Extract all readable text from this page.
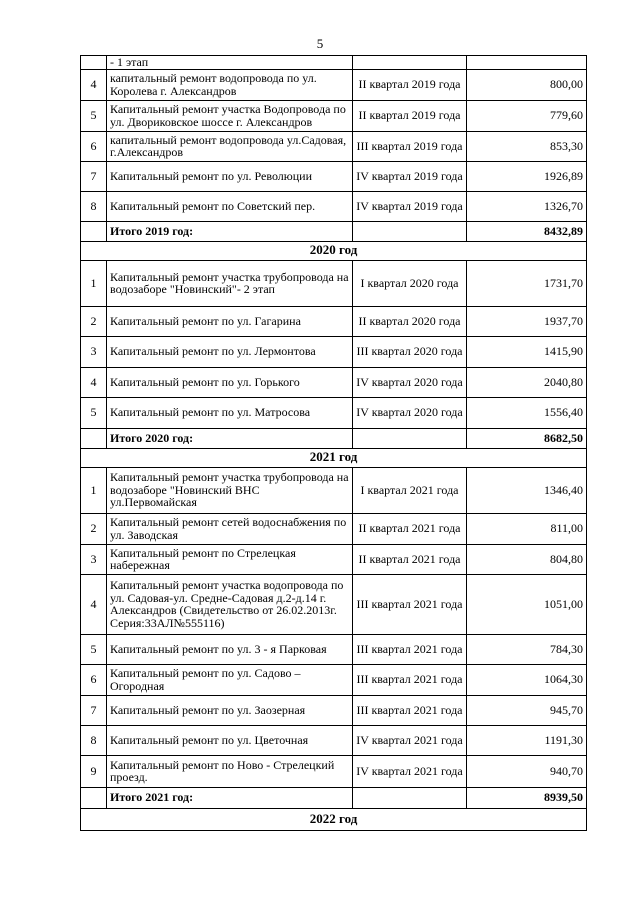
5
	- 1 этап		
4	капитальный ремонт водопровода по ул. Королева г. Александров	II квартал 2019 года	800,00
5	Капитальный ремонт участка Водопровода по ул. Двориковское шоссе г. Александров	II квартал 2019 года	779,60
6	капитальный ремонт водопровода ул.Садовая, г.Александров	III квартал 2019 года	853,30
7	Капитальный ремонт по ул. Революции	IV квартал 2019 года	1926,89
8	Капитальный ремонт по Советский пер.	IV квартал 2019 года	1326,70
	Итого 2019 год:		8432,89
2020 год			
1	Капитальный ремонт участка трубопровода на водозаборе "Новинский"- 2 этап	I квартал 2020 года	1731,70
2	Капитальный ремонт по ул. Гагарина	II квартал 2020 года	1937,70
3	Капитальный ремонт по ул. Лермонтова	III квартал 2020 года	1415,90
4	Капитальный ремонт по ул. Горького	IV квартал 2020 года	2040,80
5	Капитальный ремонт по ул. Матросова	IV квартал 2020 года	1556,40
	Итого 2020 год:		8682,50
2021 год			
1	Капитальный ремонт участка трубопровода на водозаборе "Новинский ВНС ул.Первомайская	I квартал 2021 года	1346,40
2	Капитальный ремонт сетей водоснабжения по ул. Заводская	II квартал 2021 года	811,00
3	Капитальный ремонт по Стрелецкая набережная	II квартал 2021 года	804,80
4	Капитальный ремонт участка водопровода по ул. Садовая-ул. Средне-Садовая д.2-д.14 г. Александров (Свидетельство от 26.02.2013г. Серия:33АЛ№555116)	III квартал 2021 года	1051,00
5	Капитальный ремонт по ул. 3 - я Парковая	III квартал 2021 года	784,30
6	Капитальный ремонт по ул. Садово – Огородная	III квартал 2021 года	1064,30
7	Капитальный ремонт по ул. Заозерная	III квартал 2021 года	945,70
8	Капитальный ремонт по ул. Цветочная	IV квартал 2021 года	1191,30
9	Капитальный ремонт по Ново - Стрелецкий проезд.	IV квартал 2021 года	940,70
	Итого 2021 год:		8939,50
2022 год			
